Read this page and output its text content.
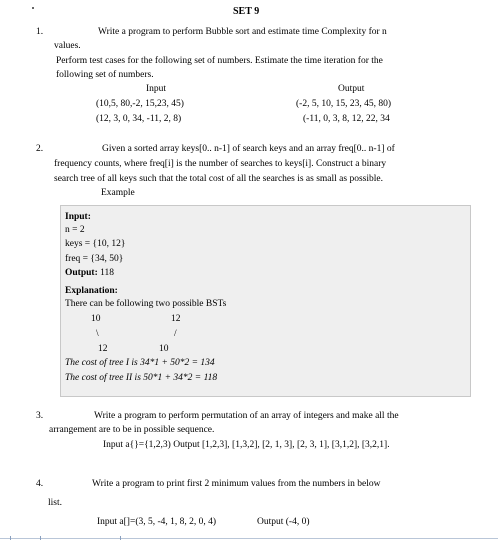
SET 9
1.	Write a program to perform Bubble sort and estimate time Complexity for n
values.
Perform test cases for the following set of numbers. Estimate the time iteration for the
following set of numbers.
Input	Output
(10,5, 80,-2, 15,23, 45)	(-2, 5, 10, 15, 23, 45, 80)
(12, 3, 0, 34, -11, 2, 8)	(-11, 0, 3, 8, 12, 22, 34
2.	Given a sorted array keys[0.. n-1] of search keys and an array freq[0.. n-1] of
frequency counts, where freq[i] is the number of searches to keys[i]. Construct a binary
search tree of all keys such that the total cost of all the searches is as small as possible.
Example
Input:
n = 2
keys = {10, 12}
freq = {34, 50}
Output: 118
Explanation:
There can be following two possible BSTs
10	12
\	/
12	10
The cost of tree I is 34*1 + 50*2 = 134
The cost of tree II is 50*1 + 34*2 = 118
3.	Write a program to perform permutation of an array of integers and make all the
arrangement are to be in possible sequence.
Input a{}={1,2,3) Output [1,2,3], [1,3,2], [2, 1, 3], [2, 3, 1], [3,1,2], [3,2,1].
4.	Write a program to print first 2 minimum values from the numbers in below
list.
Input a[]=(3, 5, -4, 1, 8, 2, 0, 4)	Output (-4, 0)
